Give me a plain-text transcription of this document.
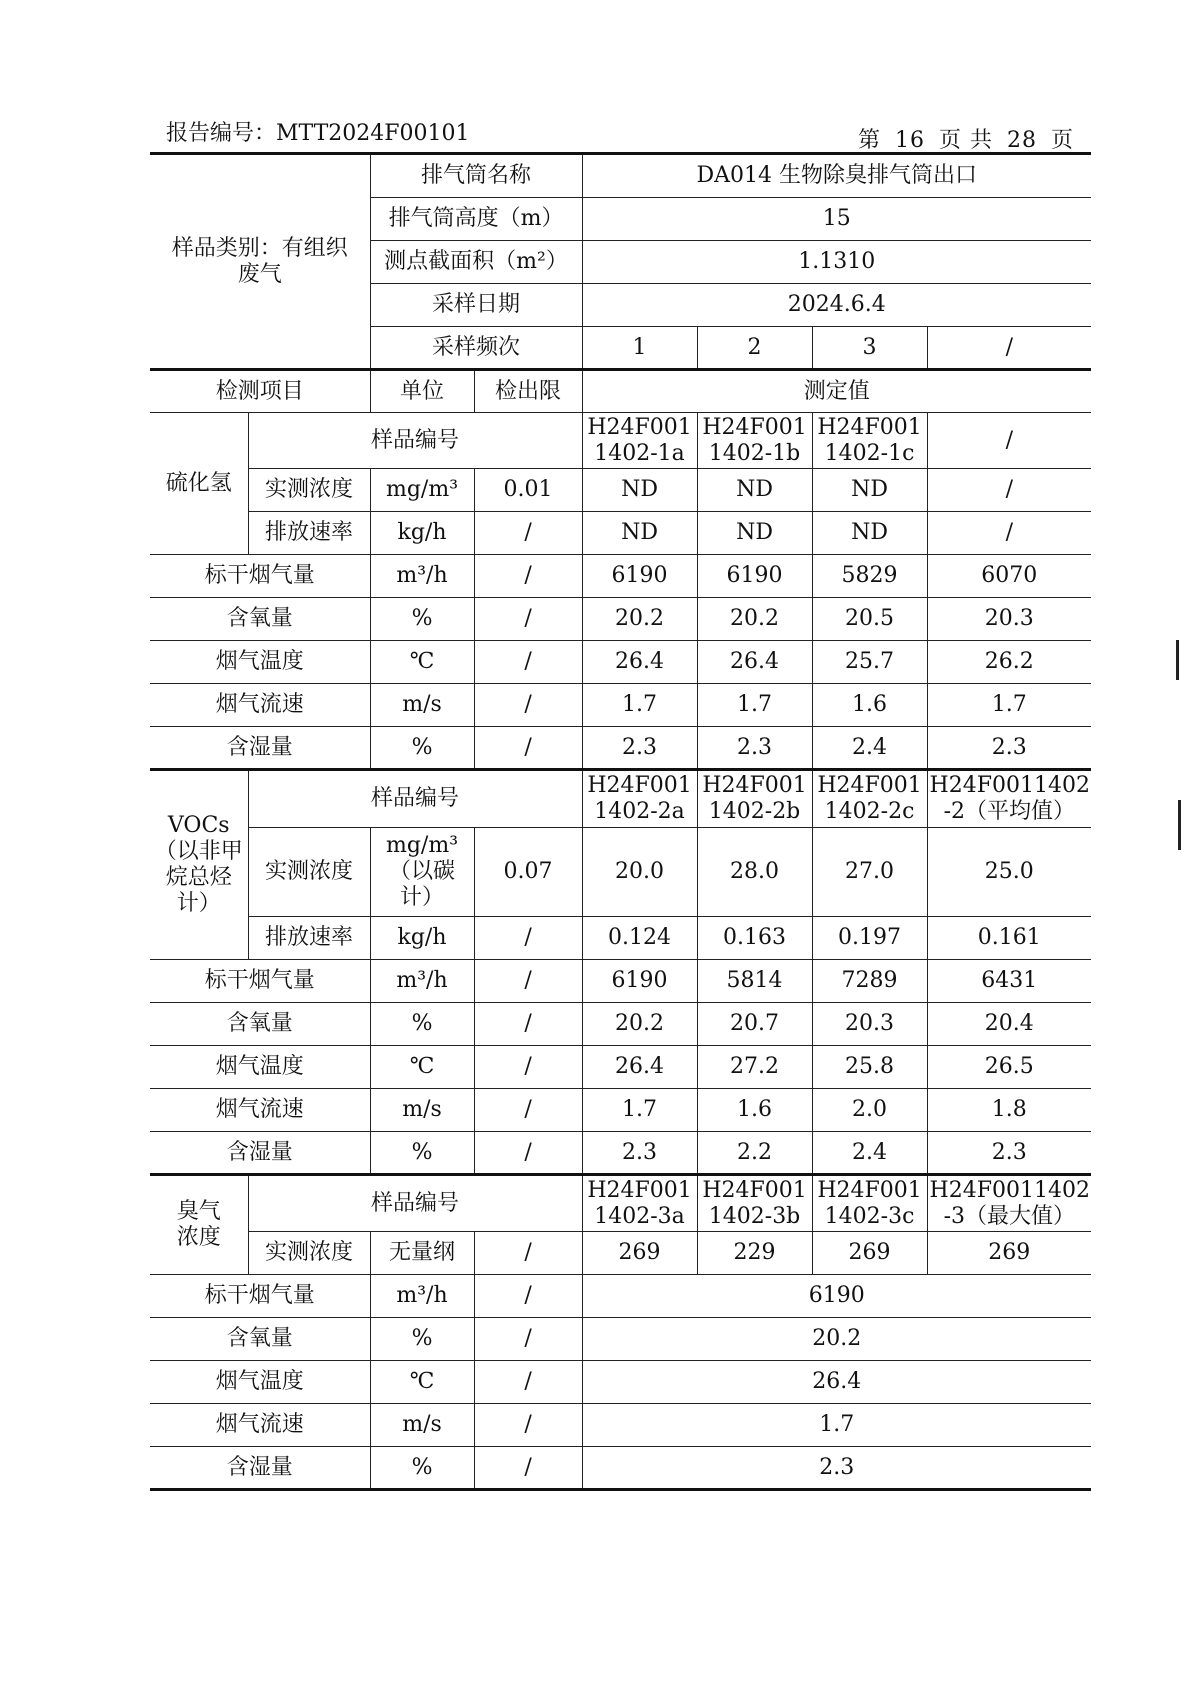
报告编号：MTT2024F00101	第 16 页 共 28 页
样品类别：有组织废气		排气筒名称		DA014 生物除臭排气筒出口			
		排气筒高度（m）		15			
		测点截面积（m²）		1.1310			
		采样日期		2024.6.4			
		采样频次		1	2	3	/
检测项目		单位	检出限	测定值			
硫化氢	样品编号			H24F001 1402-1a	H24F001 1402-1b	H24F001 1402-1c	/
	实测浓度	mg/m³	0.01	ND	ND	ND	/
	排放速率	kg/h	/	ND	ND	ND	/
标干烟气量		m³/h	/	6190	6190	5829	6070
含氧量		%	/	20.2	20.2	20.5	20.3
烟气温度		℃	/	26.4	26.4	25.7	26.2
烟气流速		m/s	/	1.7	1.7	1.6	1.7
含湿量		%	/	2.3	2.3	2.4	2.3
VOCs（以非甲烷总烃计）	样品编号			H24F001 1402-2a	H24F001 1402-2b	H24F001 1402-2c	H24F0011402 -2（平均值）
	实测浓度	mg/m³（以碳计）	0.07	20.0	28.0	27.0	25.0
	排放速率	kg/h	/	0.124	0.163	0.197	0.161
标干烟气量		m³/h	/	6190	5814	7289	6431
含氧量		%	/	20.2	20.7	20.3	20.4
烟气温度		℃	/	26.4	27.2	25.8	26.5
烟气流速		m/s	/	1.7	1.6	2.0	1.8
含湿量		%	/	2.3	2.2	2.4	2.3
臭气浓度	样品编号			H24F001 1402-3a	H24F001 1402-3b	H24F001 1402-3c	H24F0011402 -3（最大值）
	实测浓度	无量纲	/	269	229	269	269
标干烟气量		m³/h	/	6190			
含氧量		%	/	20.2			
烟气温度		℃	/	26.4			
烟气流速		m/s	/	1.7			
含湿量		%	/	2.3			
